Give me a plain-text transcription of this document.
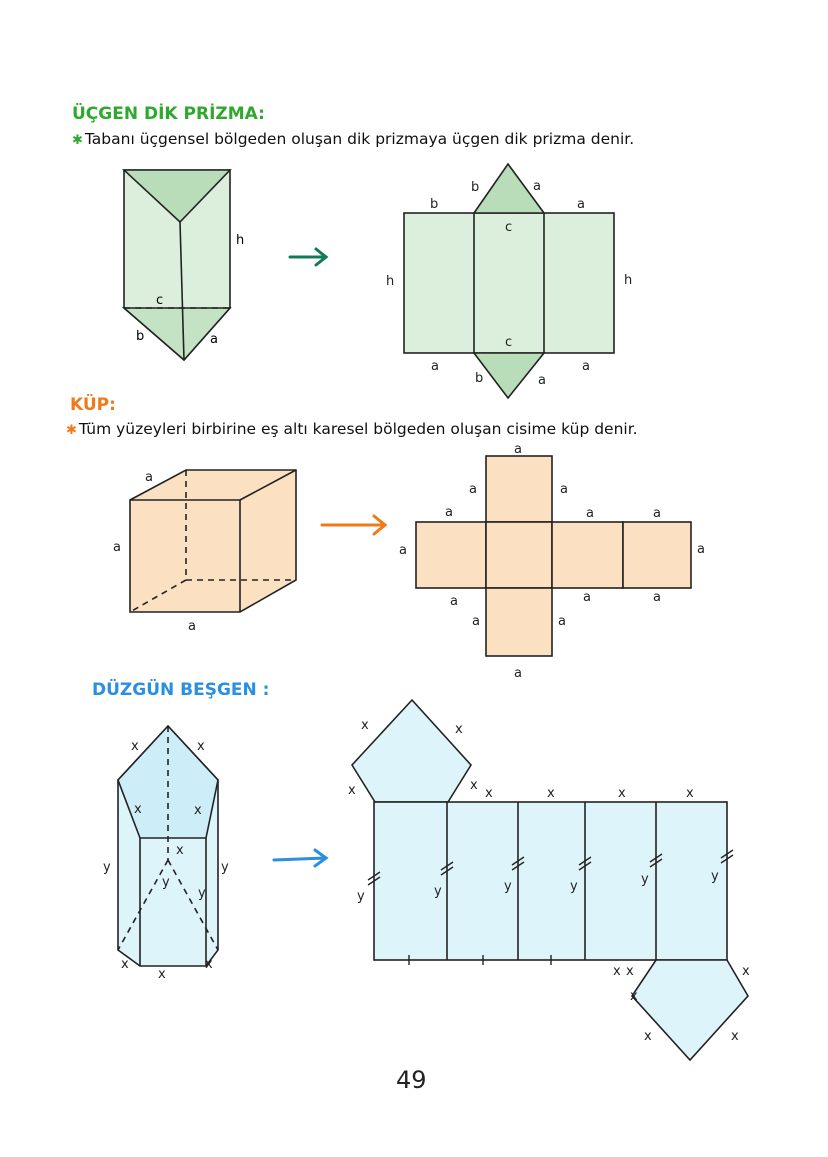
ÜÇGEN DİK PRİZMA:
✱ Tabanı üçgensel bölgeden oluşan dik prizmaya üçgen dik prizma denir.
h
c
b	a
b	a
b	a
c
h	h
c
a
b	a
a
KÜP:
✱ Tüm yüzeyleri birbirine eş altı karesel bölgeden oluşan cisime küp denir.
a
a
a
a
a	a
a	a	a
a	a
a	a	a
a	a
a
DÜZGÜN BEŞGEN :
x	x
x	x
x
y	y
y
y
x
x
x
x	x
x	x
x	x	x	x
y	y	y	y	y	y
x x
x
x
x	x
49
